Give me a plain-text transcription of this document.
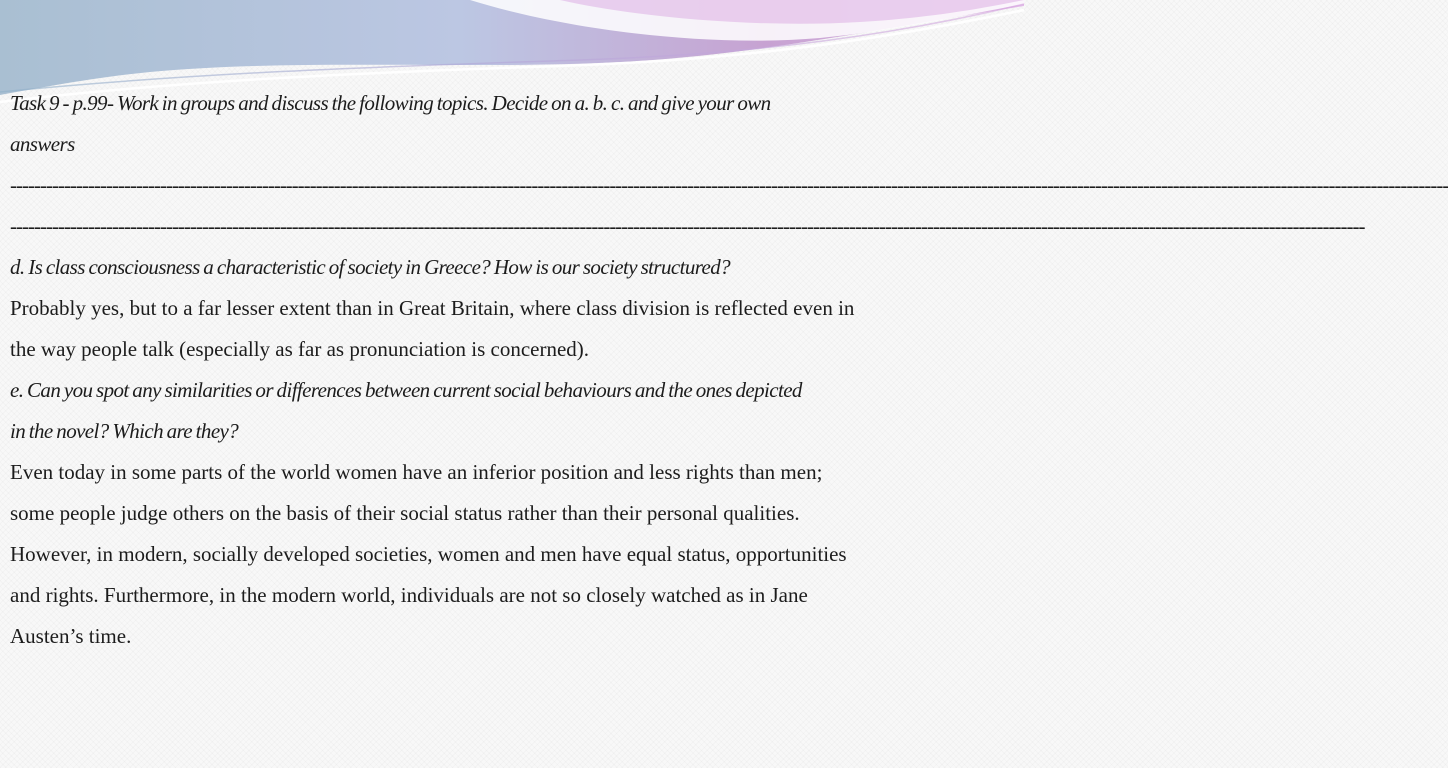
Task 9 - p.99- Work in groups and discuss the following topics. Decide on a. b. c. and give your own
answers
------------------------------------------------------------------------------------------------------------------------------------------------------------------------------------------------------------------------------------------------
----------------------------------------------------------------------------------------------------------------------------------------------------------------------------------------------------------------------------------
d. Is class consciousness a characteristic of society in Greece? How is our society structured?
Probably yes, but to a far lesser extent than in Great Britain, where class division is reflected even in
the way people talk (especially as far as pronunciation is concerned).
e. Can you spot any similarities or differences between current social behaviours and the ones depicted
in the novel? Which are they?
Even today in some parts of the world women have an inferior position and less rights than men;
some people judge others on the basis of their social status rather than their personal qualities.
However, in modern, socially developed societies, women and men have equal status, opportunities
and rights. Furthermore, in the modern world, individuals are not so closely watched as in Jane
Austen’s time.
